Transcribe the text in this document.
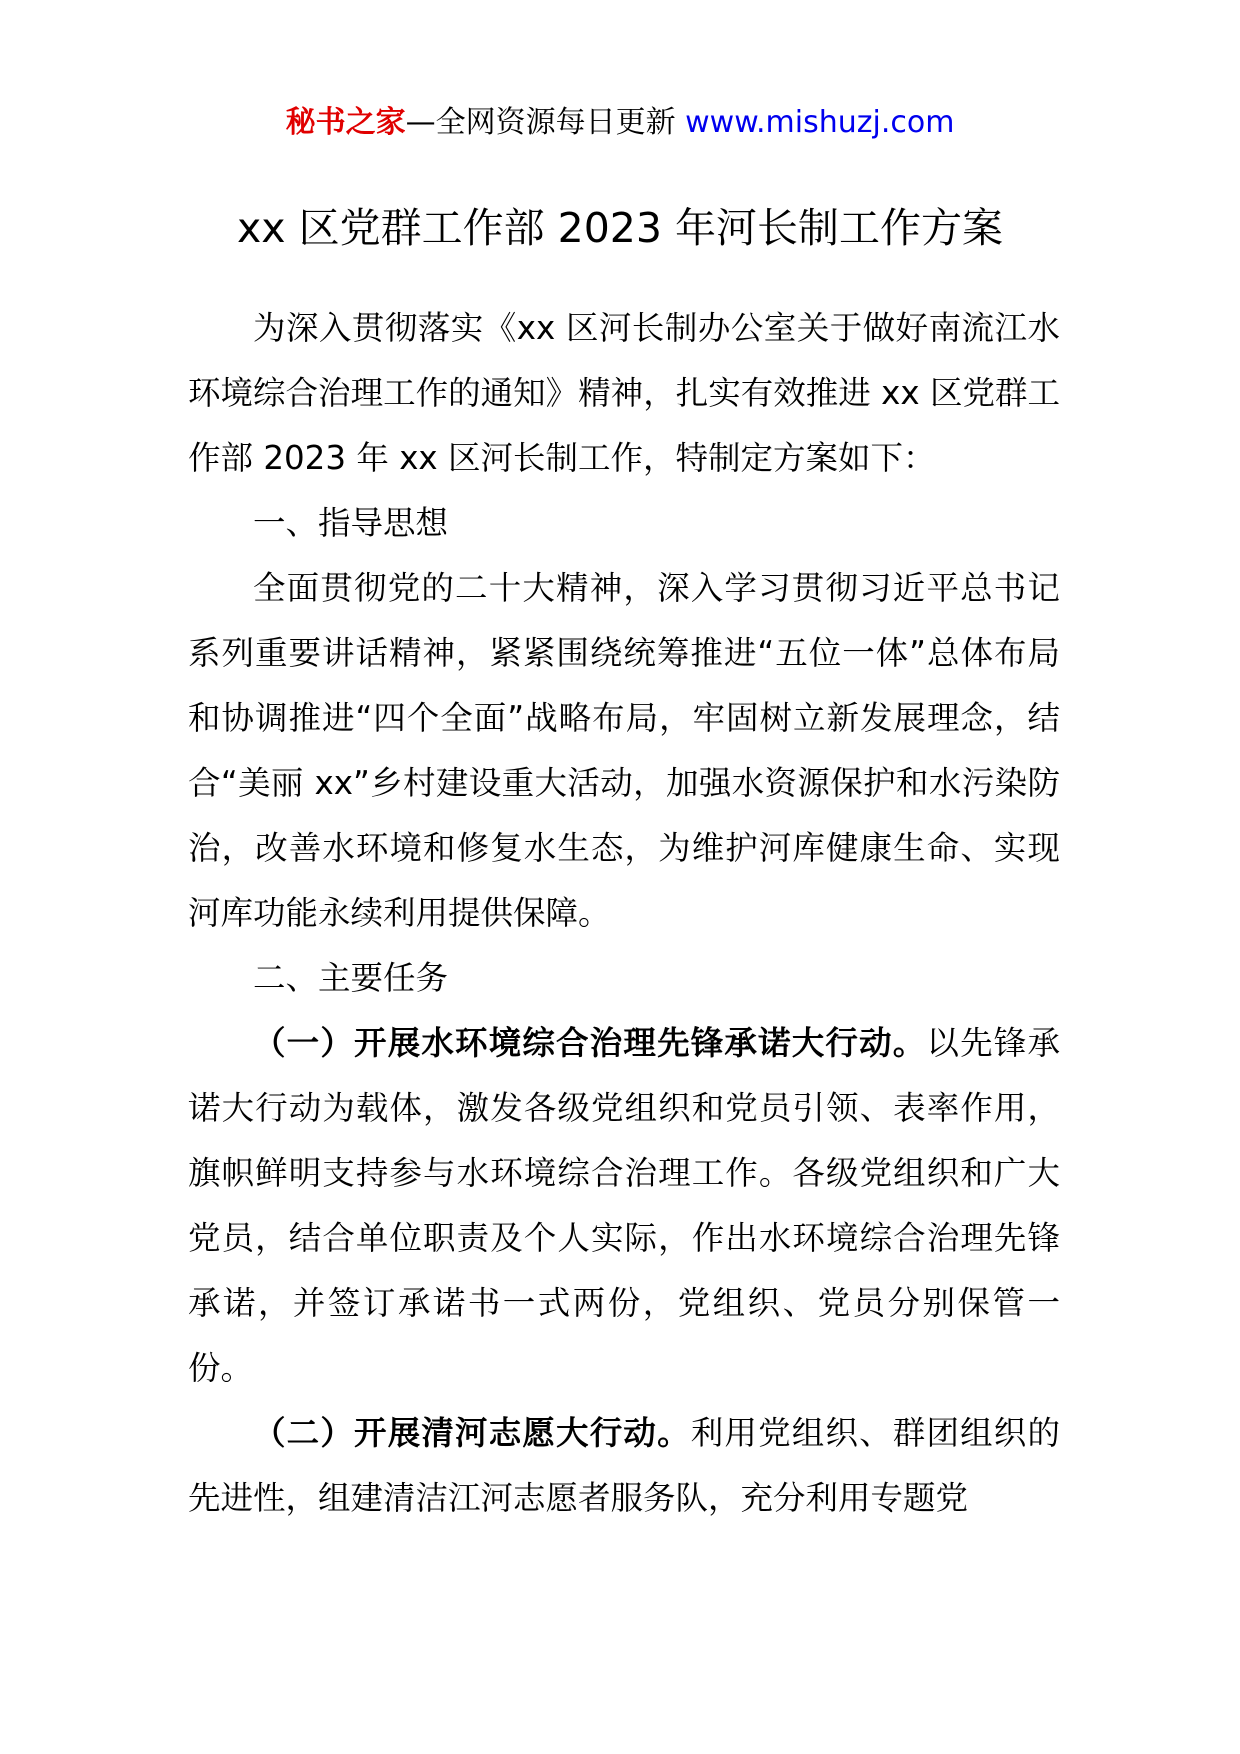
秘书之家—全网资源每日更新 www.mishuzj.com
xx 区党群工作部 2023 年河长制工作方案

为深入贯彻落实《xx 区河长制办公室关于做好南流江水环境综合治理工作的通知》精神，扎实有效推进 xx 区党群工作部 2023 年 xx 区河长制工作，特制定方案如下：

一、指导思想

全面贯彻党的二十大精神，深入学习贯彻习近平总书记系列重要讲话精神，紧紧围绕统筹推进“五位一体”总体布局和协调推进“四个全面”战略布局，牢固树立新发展理念，结合“美丽 xx”乡村建设重大活动，加强水资源保护和水污染防治，改善水环境和修复水生态，为维护河库健康生命、实现河库功能永续利用提供保障。

二、主要任务

（一）开展水环境综合治理先锋承诺大行动。以先锋承诺大行动为载体，激发各级党组织和党员引领、表率作用，旗帜鲜明支持参与水环境综合治理工作。各级党组织和广大党员，结合单位职责及个人实际，作出水环境综合治理先锋承诺，并签订承诺书一式两份，党组织、党员分别保管一份。

（二）开展清河志愿大行动。利用党组织、群团组织的先进性，组建清洁江河志愿者服务队，充分利用专题党
